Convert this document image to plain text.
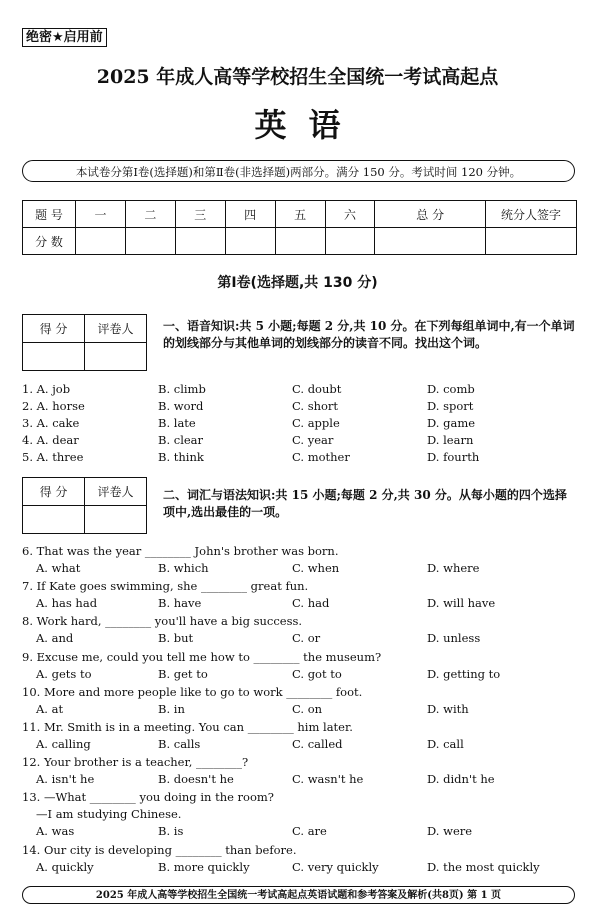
绝密★启用前
2025 年成人高等学校招生全国统一考试高起点
英语
本试卷分第Ⅰ卷(选择题)和第Ⅱ卷(非选择题)两部分。满分 150 分。考试时间 120 分钟。
题 号	一	二	三	四	五	六	总 分	统分人签字
分 数								
第Ⅰ卷(选择题,共 130 分)
得 分	评卷人
	一、语音知识:共 5 小题;每题 2 分,共 10 分。在下列每组单词中,有一个单词的划线部分与其他单词的划线部分的读音不同。找出这个词。
1. A. job	B. climb	C. doubt	D. comb
2. A. horse	B. word	C. short	D. sport
3. A. cake	B. late	C. apple	D. game
4. A. dear	B. clear	C. year	D. learn
5. A. three	B. think	C. mother	D. fourth
得 分	评卷人
	二、词汇与语法知识:共 15 小题;每题 2 分,共 30 分。从每小题的四个选择项中,选出最佳的一项。
6. That was the year ________ John's brother was born.
A. what	B. which	C. when	D. where
7. If Kate goes swimming, she ________ great fun.
A. has had	B. have	C. had	D. will have
8. Work hard, ________ you'll have a big success.
A. and	B. but	C. or	D. unless
9. Excuse me, could you tell me how to ________ the museum?
A. gets to	B. get to	C. got to	D. getting to
10. More and more people like to go to work ________ foot.
A. at	B. in	C. on	D. with
11. Mr. Smith is in a meeting. You can ________ him later.
A. calling	B. calls	C. called	D. call
12. Your brother is a teacher, ________?
A. isn't he	B. doesn't he	C. wasn't he	D. didn't he
13. —What ________ you doing in the room?
—I am studying Chinese.
A. was	B. is	C. are	D. were
14. Our city is developing ________ than before.
A. quickly	B. more quickly	C. very quickly	D. the most quickly
2025 年成人高等学校招生全国统一考试高起点英语试题和参考答案及解析(共8页) 第 1 页
